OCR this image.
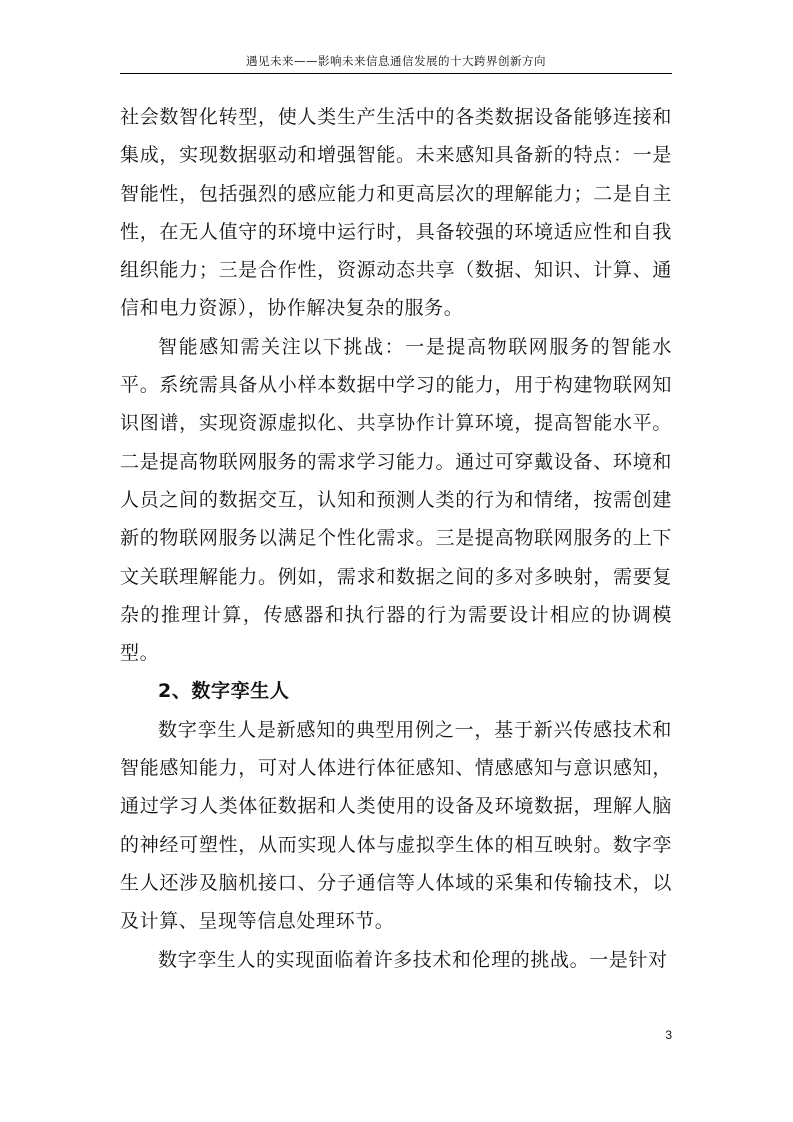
遇见未来——影响未来信息通信发展的十大跨界创新方向

社会数智化转型，使人类生产生活中的各类数据设备能够连接和集成，实现数据驱动和增强智能。未来感知具备新的特点：一是智能性，包括强烈的感应能力和更高层次的理解能力；二是自主性，在无人值守的环境中运行时，具备较强的环境适应性和自我组织能力；三是合作性，资源动态共享（数据、知识、计算、通信和电力资源），协作解决复杂的服务。

智能感知需关注以下挑战：一是提高物联网服务的智能水平。系统需具备从小样本数据中学习的能力，用于构建物联网知识图谱，实现资源虚拟化、共享协作计算环境，提高智能水平。二是提高物联网服务的需求学习能力。通过可穿戴设备、环境和人员之间的数据交互，认知和预测人类的行为和情绪，按需创建新的物联网服务以满足个性化需求。三是提高物联网服务的上下文关联理解能力。例如，需求和数据之间的多对多映射，需要复杂的推理计算，传感器和执行器的行为需要设计相应的协调模型。

2、数字孪生人

数字孪生人是新感知的典型用例之一，基于新兴传感技术和智能感知能力，可对人体进行体征感知、情感感知与意识感知，通过学习人类体征数据和人类使用的设备及环境数据，理解人脑的神经可塑性，从而实现人体与虚拟孪生体的相互映射。数字孪生人还涉及脑机接口、分子通信等人体域的采集和传输技术，以及计算、呈现等信息处理环节。

数字孪生人的实现面临着许多技术和伦理的挑战。一是针对

3
